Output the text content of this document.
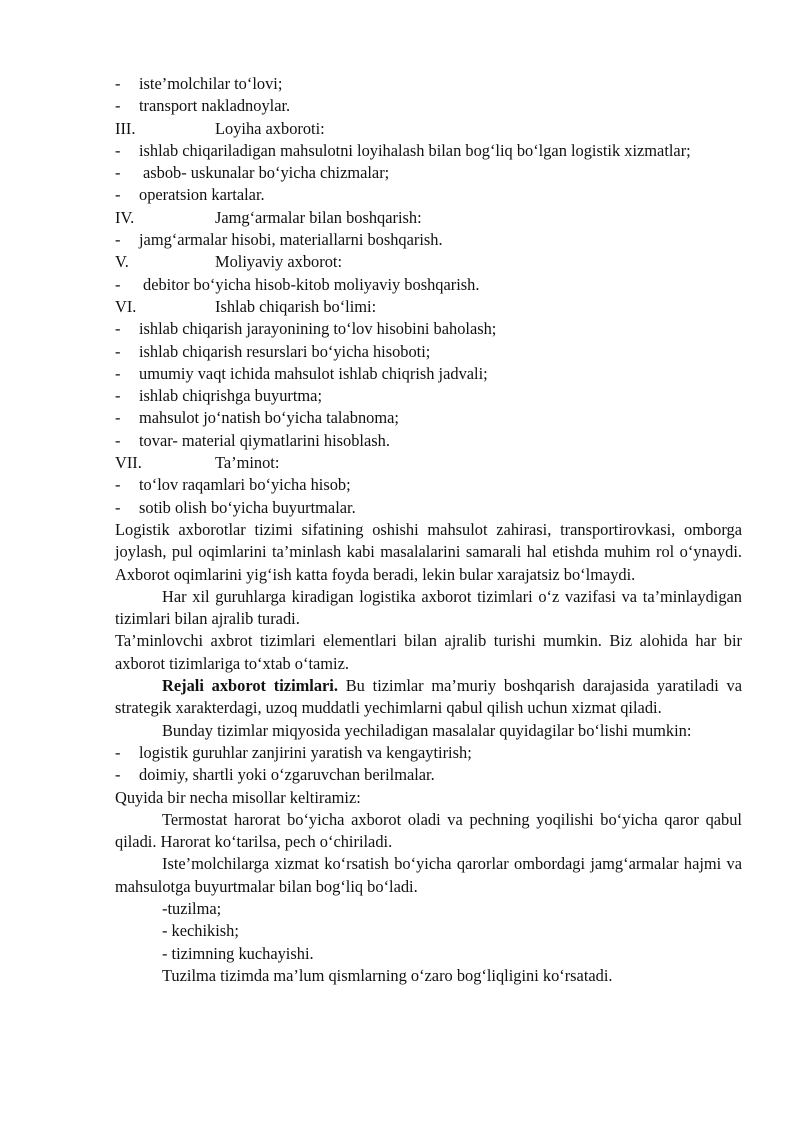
- iste’molchilar to‘lovi;
- transport nakladnoylar.
III.	Loyiha axboroti:
- ishlab chiqariladigan mahsulotni loyihalash bilan bog‘liq bo‘lgan logistik xizmatlar;
- asbob- uskunalar bo‘yicha chizmalar;
- operatsion kartalar.
IV.	Jamg‘armalar bilan boshqarish:
- jamg‘armalar hisobi, materiallarni boshqarish.
V.	Moliyaviy axborot:
- debitor bo‘yicha hisob-kitob moliyaviy boshqarish.
VI.	Ishlab chiqarish bo‘limi:
- ishlab chiqarish jarayonining to‘lov hisobini baholash;
- ishlab chiqarish resurslari bo‘yicha hisoboti;
- umumiy vaqt ichida mahsulot ishlab chiqrish jadvali;
- ishlab chiqrishga buyurtma;
- mahsulot jo‘natish bo‘yicha talabnoma;
- tovar- material qiymatlarini hisoblash.
VII.	Ta’minot:
- to‘lov raqamlari bo‘yicha hisob;
- sotib olish bo‘yicha buyurtmalar.
Logistik axborotlar tizimi sifatining oshishi mahsulot zahirasi, transportirovkasi, omborga joylash, pul oqimlarini ta’minlash kabi masalalarini samarali hal etishda muhim rol o‘ynaydi. Axborot oqimlarini yig‘ish katta foyda beradi, lekin bular xarajatsiz bo‘lmaydi.
Har xil guruhlarga kiradigan logistika axborot tizimlari o‘z vazifasi va ta’minlaydigan tizimlari bilan ajralib turadi.
Ta’minlovchi axbrot tizimlari elementlari bilan ajralib turishi mumkin. Biz alohida har bir axborot tizimlariga to‘xtab o‘tamiz.
Rejali axborot tizimlari. Bu tizimlar ma’muriy boshqarish darajasida yaratiladi va strategik xarakterdagi, uzoq muddatli yechimlarni qabul qilish uchun xizmat qiladi.
Bunday tizimlar miqyosida yechiladigan masalalar quyidagilar bo‘lishi mumkin:
- logistik guruhlar zanjirini yaratish va kengaytirish;
- doimiy, shartli yoki o‘zgaruvchan berilmalar.
Quyida bir necha misollar keltiramiz:
Termostat harorat bo‘yicha axborot oladi va pechning yoqilishi bo‘yicha qaror qabul qiladi. Harorat ko‘tarilsa, pech o‘chiriladi.
Iste’molchilarga xizmat ko‘rsatish bo‘yicha qarorlar ombordagi jamg‘armalar hajmi va mahsulotga buyurtmalar bilan bog‘liq bo‘ladi.
-tuzilma;
- kechikish;
- tizimning kuchayishi.
Tuzilma tizimda ma’lum qismlarning o‘zaro bog‘liqligini ko‘rsatadi.
